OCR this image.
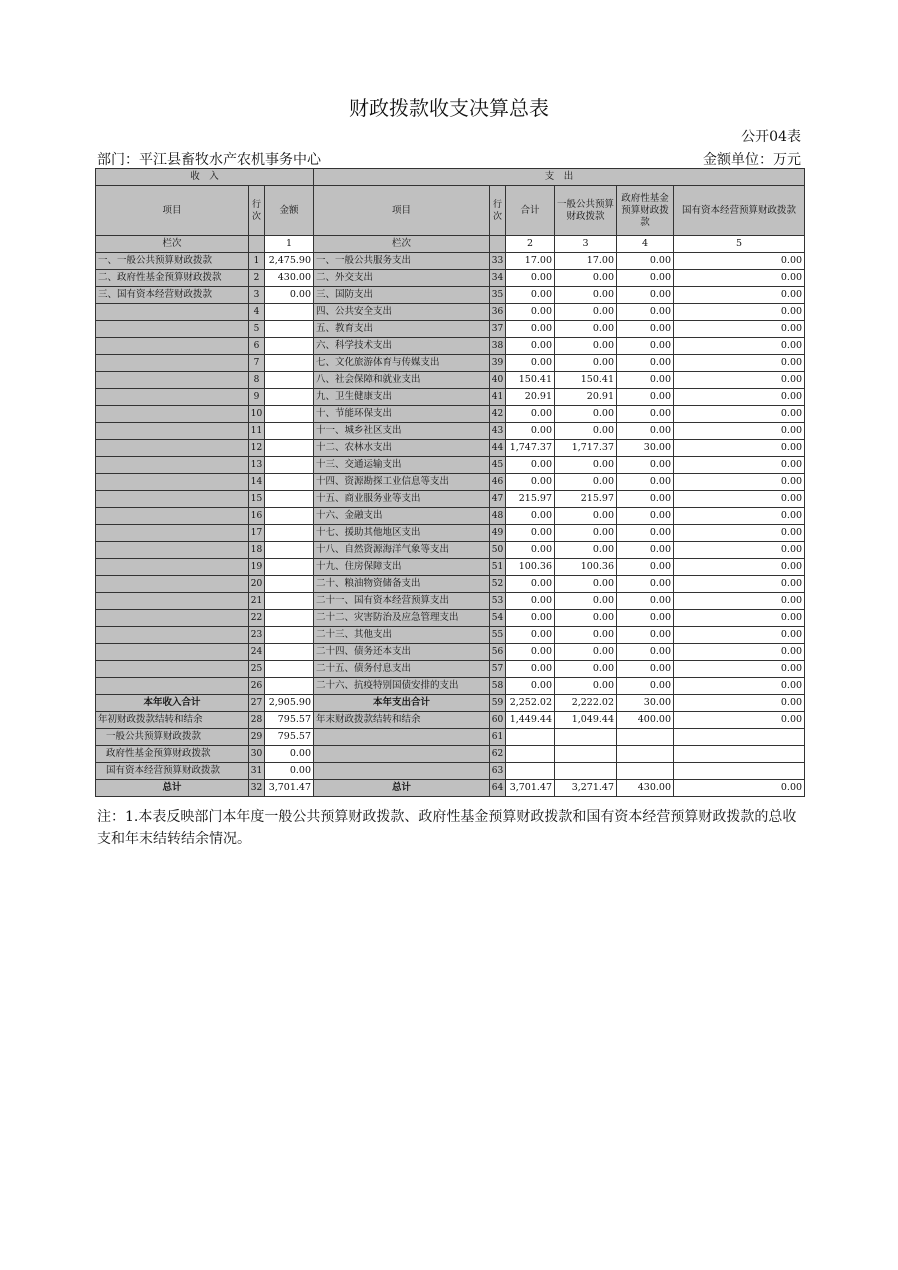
财政拨款收支决算总表
公开04表
部门：平江县畜牧水产农机事务中心	金额单位：万元
收　入			支　出					
项目	行次	金额	项目	行次	合计	一般公共预算财政拨款	政府性基金预算财政拨款	国有资本经营预算财政拨款
栏次		1	栏次		2	3	4	5
一、一般公共预算财政拨款	1	2,475.90	一、一般公共服务支出	33	17.00	17.00	0.00	0.00
二、政府性基金预算财政拨款	2	430.00	二、外交支出	34	0.00	0.00	0.00	0.00
三、国有资本经营财政拨款	3	0.00	三、国防支出	35	0.00	0.00	0.00	0.00
	4		四、公共安全支出	36	0.00	0.00	0.00	0.00
	5		五、教育支出	37	0.00	0.00	0.00	0.00
	6		六、科学技术支出	38	0.00	0.00	0.00	0.00
	7		七、文化旅游体育与传媒支出	39	0.00	0.00	0.00	0.00
	8		八、社会保障和就业支出	40	150.41	150.41	0.00	0.00
	9		九、卫生健康支出	41	20.91	20.91	0.00	0.00
	10		十、节能环保支出	42	0.00	0.00	0.00	0.00
	11		十一、城乡社区支出	43	0.00	0.00	0.00	0.00
	12		十二、农林水支出	44	1,747.37	1,717.37	30.00	0.00
	13		十三、交通运输支出	45	0.00	0.00	0.00	0.00
	14		十四、资源勘探工业信息等支出	46	0.00	0.00	0.00	0.00
	15		十五、商业服务业等支出	47	215.97	215.97	0.00	0.00
	16		十六、金融支出	48	0.00	0.00	0.00	0.00
	17		十七、援助其他地区支出	49	0.00	0.00	0.00	0.00
	18		十八、自然资源海洋气象等支出	50	0.00	0.00	0.00	0.00
	19		十九、住房保障支出	51	100.36	100.36	0.00	0.00
	20		二十、粮油物资储备支出	52	0.00	0.00	0.00	0.00
	21		二十一、国有资本经营预算支出	53	0.00	0.00	0.00	0.00
	22		二十二、灾害防治及应急管理支出	54	0.00	0.00	0.00	0.00
	23		二十三、其他支出	55	0.00	0.00	0.00	0.00
	24		二十四、债务还本支出	56	0.00	0.00	0.00	0.00
	25		二十五、债务付息支出	57	0.00	0.00	0.00	0.00
	26		二十六、抗疫特别国债安排的支出	58	0.00	0.00	0.00	0.00
本年收入合计	27	2,905.90	本年支出合计	59	2,252.02	2,222.02	30.00	0.00
年初财政拨款结转和结余	28	795.57	年末财政拨款结转和结余	60	1,449.44	1,049.44	400.00	0.00
一般公共预算财政拨款	29	795.57		61				
政府性基金预算财政拨款	30	0.00		62				
国有资本经营预算财政拨款	31	0.00		63				
总计	32	3,701.47	总计	64	3,701.47	3,271.47	430.00	0.00
注：1.本表反映部门本年度一般公共预算财政拨款、政府性基金预算财政拨款和国有资本经营预算财政拨款的总收支和年末结转结余情况。
